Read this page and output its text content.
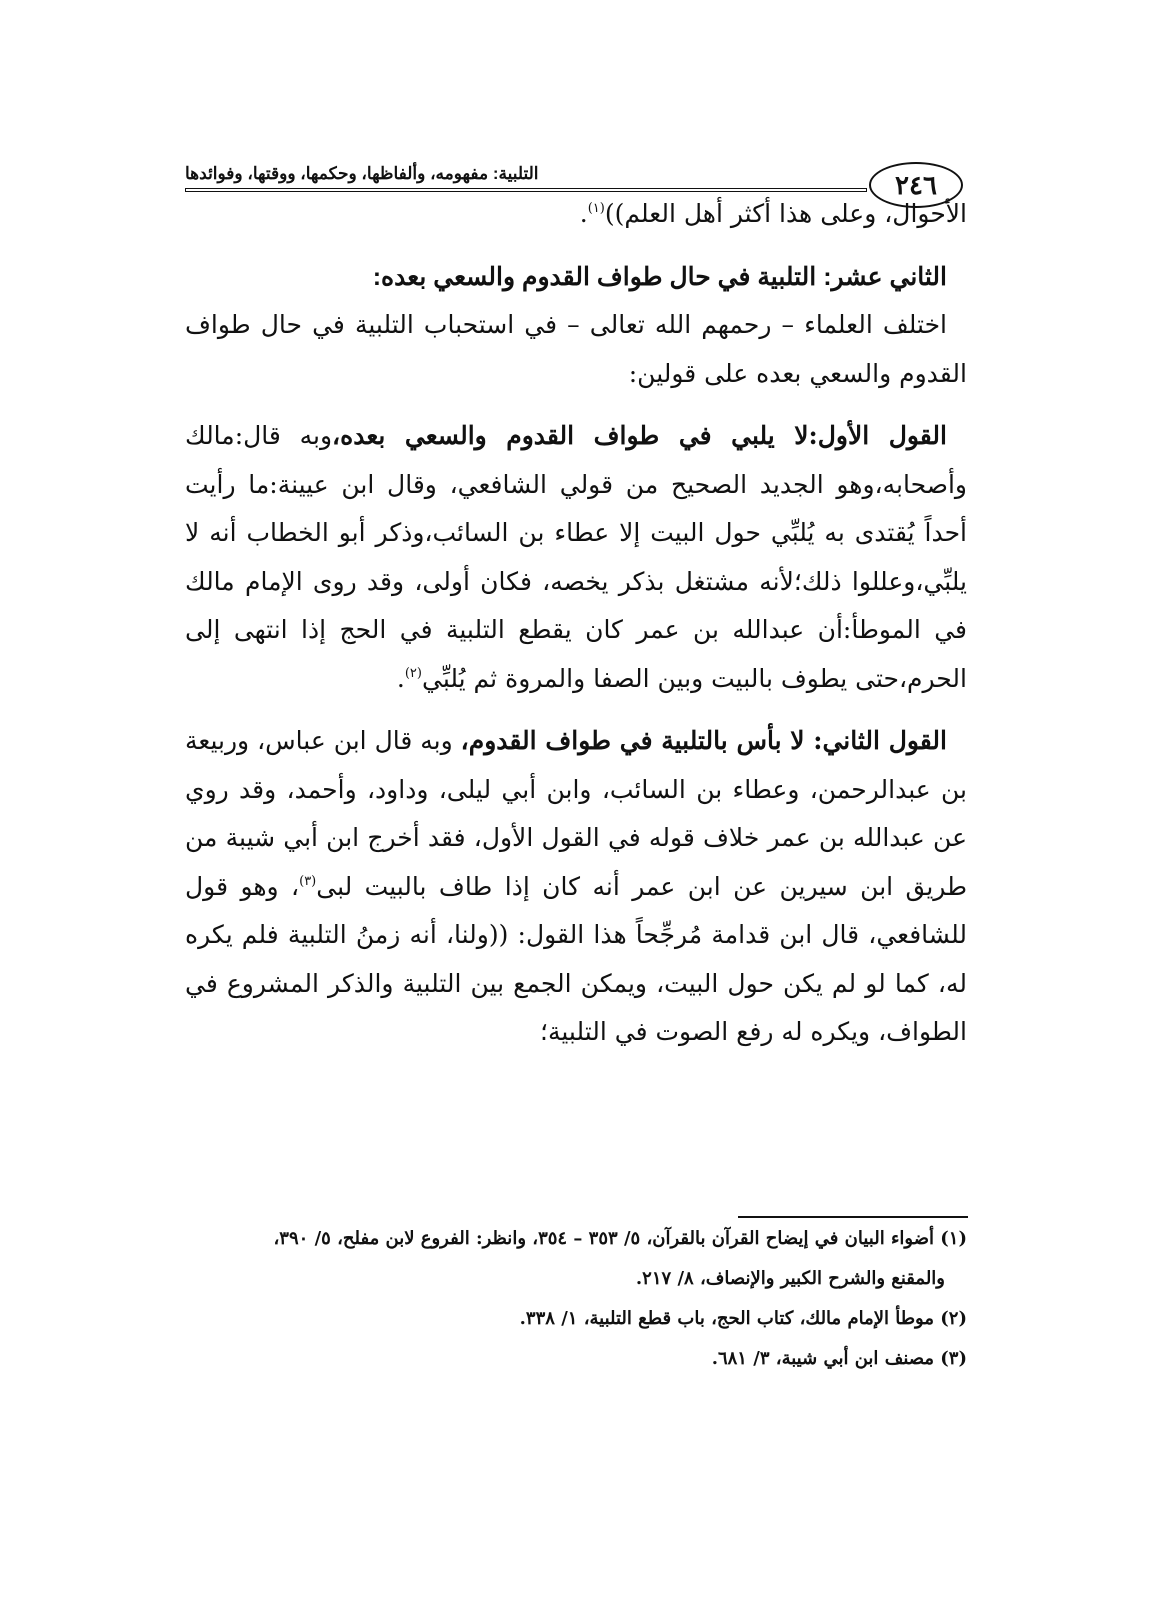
التلبية: مفهومه، وألفاظها، وحكمها، ووقتها، وفوائدها	٢٤٦

الأحوال، وعلى هذا أكثر أهل العلم))$^{(١)}$.

الثاني عشر: التلبية في حال طواف القدوم والسعي بعده:

اختلف العلماء – رحمهم الله تعالى – في استحباب التلبية في حال طواف القدوم والسعي بعده على قولين:

القول الأول:لا يلبي في طواف القدوم والسعي بعده،وبه قال:مالك وأصحابه،وهو الجديد الصحيح من قولي الشافعي، وقال ابن عيينة:ما رأيت أحداً يُقتدى به يُلبِّي حول البيت إلا عطاء بن السائب،وذكر أبو الخطاب أنه لا يلبِّي،وعللوا ذلك؛لأنه مشتغل بذكر يخصه، فكان أولى، وقد روى الإمام مالك في الموطأ:أن عبدالله بن عمر كان يقطع التلبية في الحج إذا انتهى إلى الحرم،حتى يطوف بالبيت وبين الصفا والمروة ثم يُلبِّي$^{(٢)}$.

القول الثاني: لا بأس بالتلبية في طواف القدوم، وبه قال ابن عباس، وربيعة بن عبدالرحمن، وعطاء بن السائب، وابن أبي ليلى، وداود، وأحمد، وقد روي عن عبدالله بن عمر خلاف قوله في القول الأول، فقد أخرج ابن أبي شيبة من طريق ابن سيرين عن ابن عمر أنه كان إذا طاف بالبيت لبى$^{(٣)}$، وهو قول للشافعي، قال ابن قدامة مُرجِّحاً هذا القول: ((ولنا، أنه زمنُ التلبية فلم يكره له، كما لو لم يكن حول البيت، ويمكن الجمع بين التلبية والذكر المشروع في الطواف، ويكره له رفع الصوت في التلبية؛

(١) أضواء البيان في إيضاح القرآن بالقرآن، ٥/ ٣٥٣ – ٣٥٤، وانظر: الفروع لابن مفلح، ٥/ ٣٩٠،
والمقنع والشرح الكبير والإنصاف، ٨/ ٢١٧.
(٢) موطأ الإمام مالك، كتاب الحج، باب قطع التلبية، ١/ ٣٣٨.
(٣) مصنف ابن أبي شيبة، ٣/ ٦٨١.
